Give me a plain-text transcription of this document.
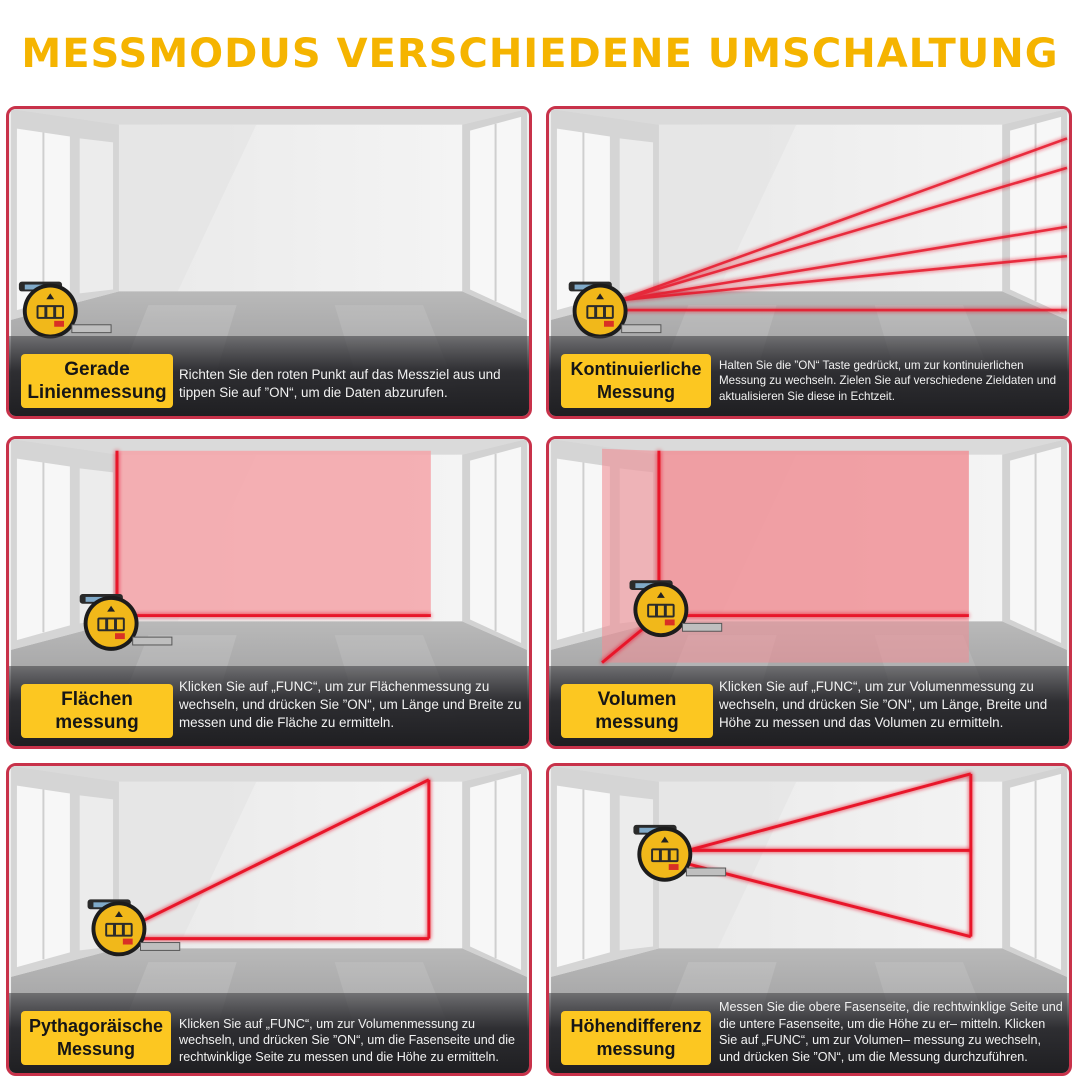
MESSMODUS VERSCHIEDENE UMSCHALTUNG
Gerade
Linienmessung
Richten Sie den roten Punkt auf das Messziel aus und tippen Sie auf ”ON“, um die Daten abzurufen.
Kontinuierliche
Messung
Halten Sie die ”ON“ Taste gedrückt, um zur kontinuierlichen Messung zu wechseln. Zielen Sie auf verschiedene Zieldaten und aktualisieren Sie diese in Echtzeit.
Flächen
messung
Klicken Sie auf „FUNC“, um zur Flächenmessung zu wechseln, und drücken Sie ”ON“, um Länge und Breite zu messen und die Fläche zu ermitteln.
Volumen
messung
Klicken Sie auf „FUNC“, um zur Volumenmessung zu wechseln, und drücken Sie ”ON“, um Länge, Breite und Höhe zu messen und das Volumen zu ermitteln.
Pythagoräische
Messung
Klicken Sie auf „FUNC“, um zur Volumenmessung zu wechseln, und drücken Sie ”ON“, um die Fasenseite und die rechtwinklige Seite zu messen und die Höhe zu ermitteln.
Höhendifferenz
messung
Messen Sie die obere Fasenseite, die rechtwinklige Seite und die untere Fasenseite, um die Höhe zu er– mitteln. Klicken Sie auf „FUNC“, um zur Volumen– messung zu wechseln, und drücken Sie ”ON“, um die Messung durchzuführen.
